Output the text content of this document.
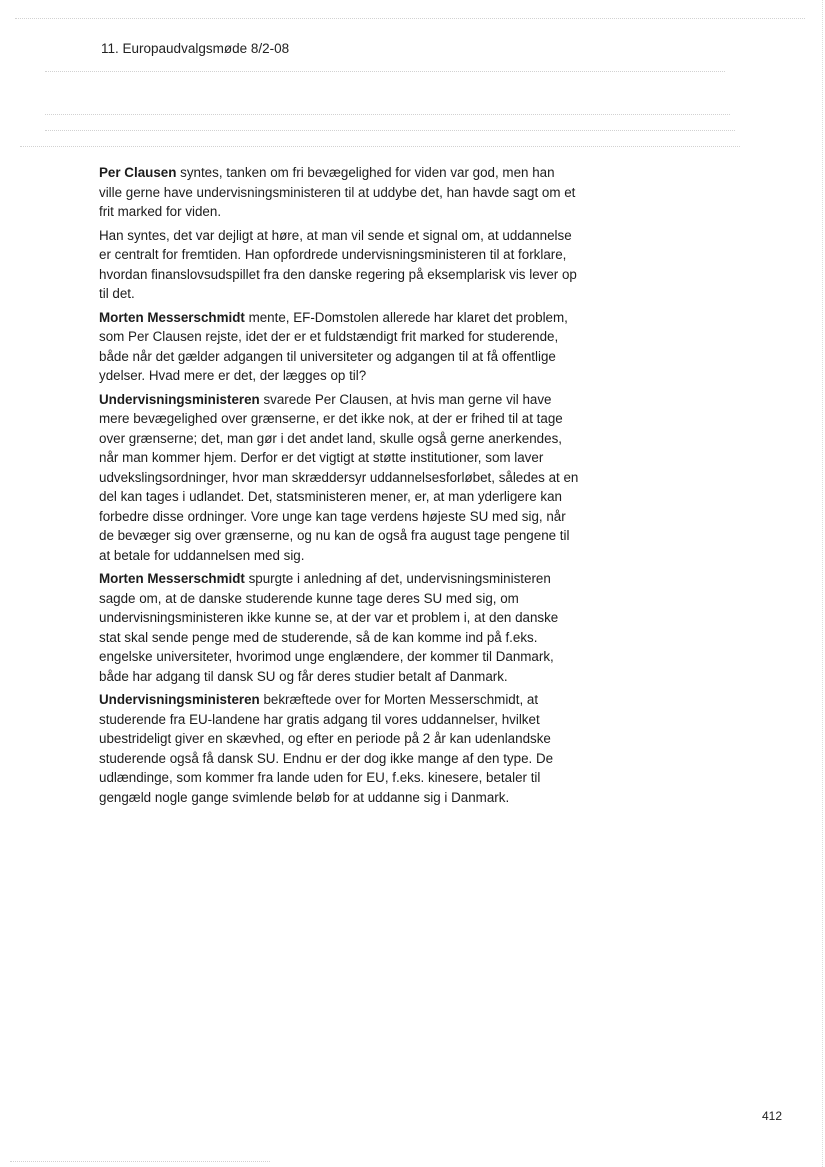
11. Europaudvalgsmøde 8/2-08

Per Clausen syntes, tanken om fri bevægelighed for viden var god, men han ville gerne have undervisningsministeren til at uddybe det, han havde sagt om et frit marked for viden.

Han syntes, det var dejligt at høre, at man vil sende et signal om, at uddannelse er centralt for fremtiden. Han opfordrede undervisningsministeren til at forklare, hvordan finanslovsudspillet fra den danske regering på eksemplarisk vis lever op til det.

Morten Messerschmidt mente, EF-Domstolen allerede har klaret det problem, som Per Clausen rejste, idet der er et fuldstændigt frit marked for studerende, både når det gælder adgangen til universiteter og adgangen til at få offentlige ydelser. Hvad mere er det, der lægges op til?

Undervisningsministeren svarede Per Clausen, at hvis man gerne vil have mere bevægelighed over grænserne, er det ikke nok, at der er frihed til at tage over grænserne; det, man gør i det andet land, skulle også gerne anerkendes, når man kommer hjem. Derfor er det vigtigt at støtte institutioner, som laver udvekslingsordninger, hvor man skræddersyr uddannelsesforløbet, således at en del kan tages i udlandet. Det, statsministeren mener, er, at man yderligere kan forbedre disse ordninger. Vore unge kan tage verdens højeste SU med sig, når de bevæger sig over grænserne, og nu kan de også fra august tage pengene til at betale for uddannelsen med sig.

Morten Messerschmidt spurgte i anledning af det, undervisningsministeren sagde om, at de danske studerende kunne tage deres SU med sig, om undervisningsministeren ikke kunne se, at der var et problem i, at den danske stat skal sende penge med de studerende, så de kan komme ind på f.eks. engelske universiteter, hvorimod unge englændere, der kommer til Danmark, både har adgang til dansk SU og får deres studier betalt af Danmark.

Undervisningsministeren bekræftede over for Morten Messerschmidt, at studerende fra EU-landene har gratis adgang til vores uddannelser, hvilket ubestrideligt giver en skævhed, og efter en periode på 2 år kan udenlandske studerende også få dansk SU. Endnu er der dog ikke mange af den type. De udlændinge, som kommer fra lande uden for EU, f.eks. kinesere, betaler til gengæld nogle gange svimlende beløb for at uddanne sig i Danmark.

412
